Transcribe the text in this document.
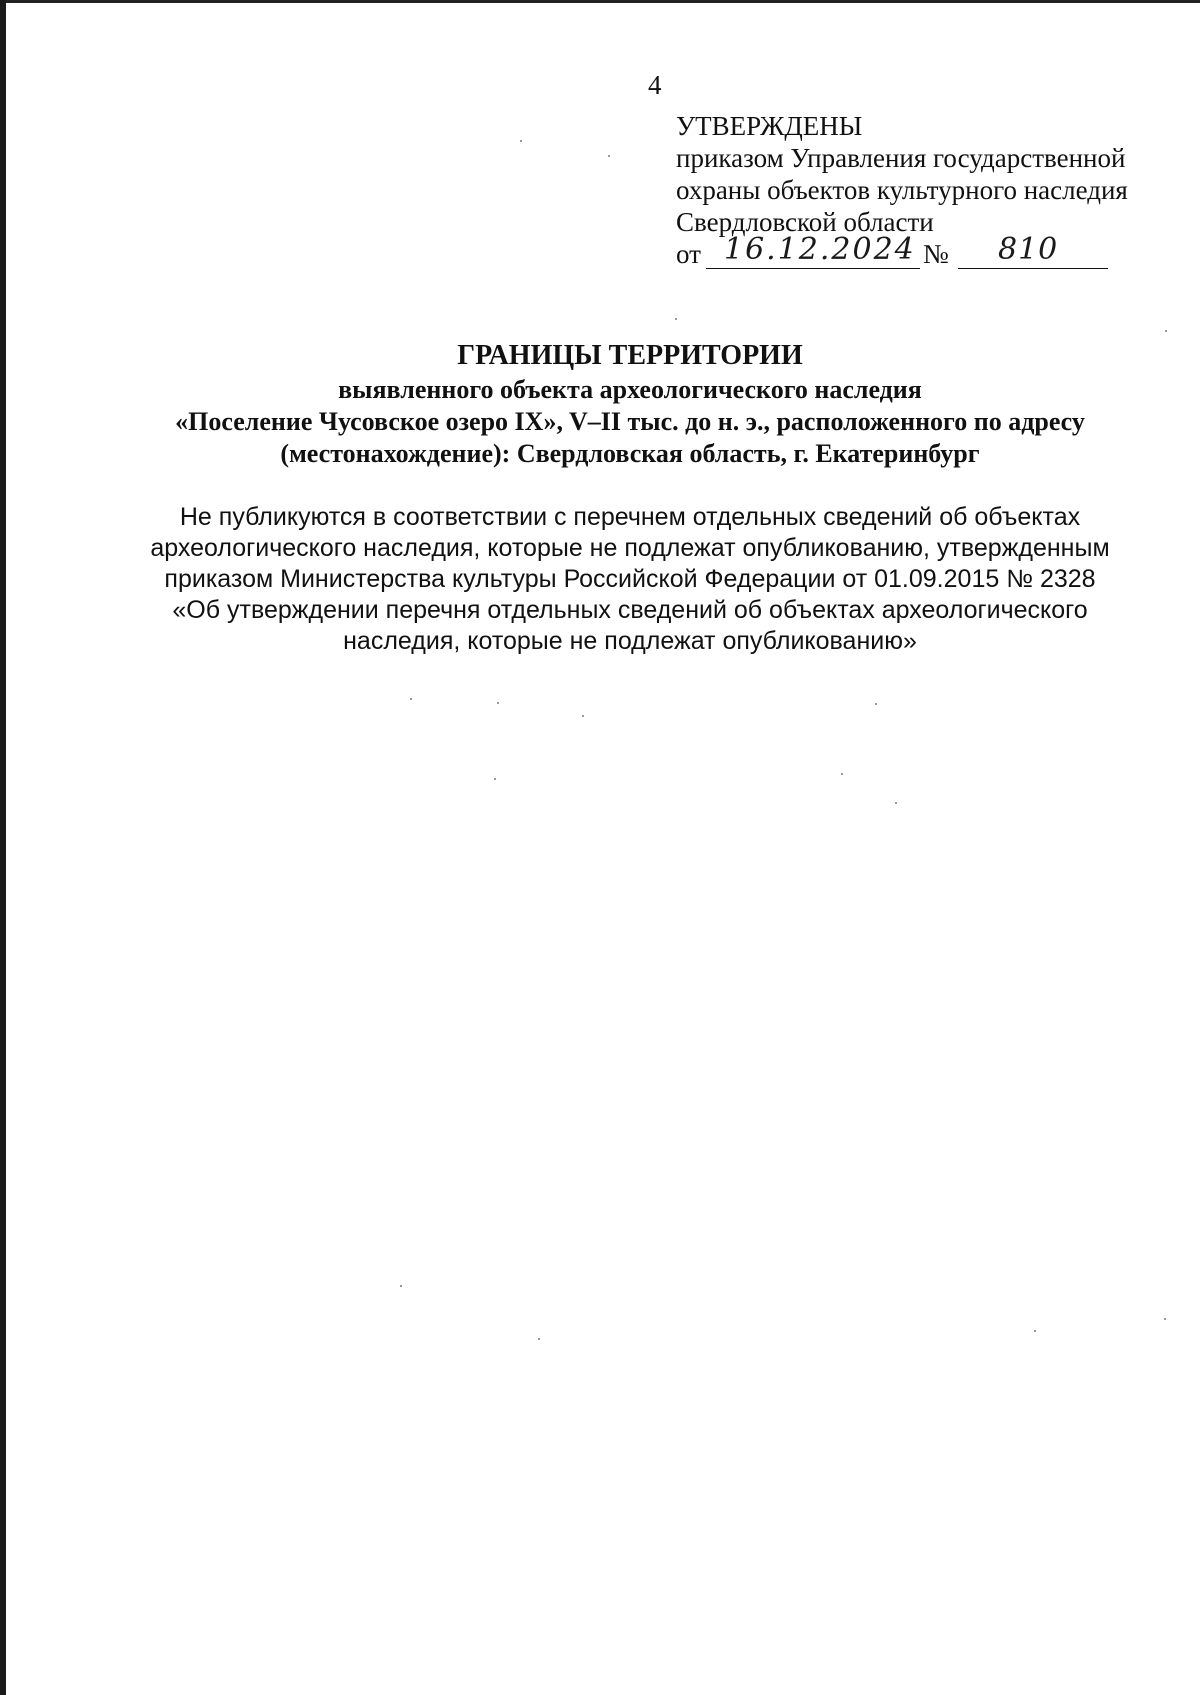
4
УТВЕРЖДЕНЫ
приказом Управления государственной
охраны объектов культурного наследия
Свердловской области
от 16.12.2024 № 810
ГРАНИЦЫ ТЕРРИТОРИИ
выявленного объекта археологического наследия
«Поселение Чусовское озеро IX», V–II тыс. до н. э., расположенного по адресу
(местонахождение): Свердловская область, г. Екатеринбург
Не публикуются в соответствии с перечнем отдельных сведений об объектах
археологического наследия, которые не подлежат опубликованию, утвержденным
приказом Министерства культуры Российской Федерации от 01.09.2015 № 2328
«Об утверждении перечня отдельных сведений об объектах археологического
наследия, которые не подлежат опубликованию»
